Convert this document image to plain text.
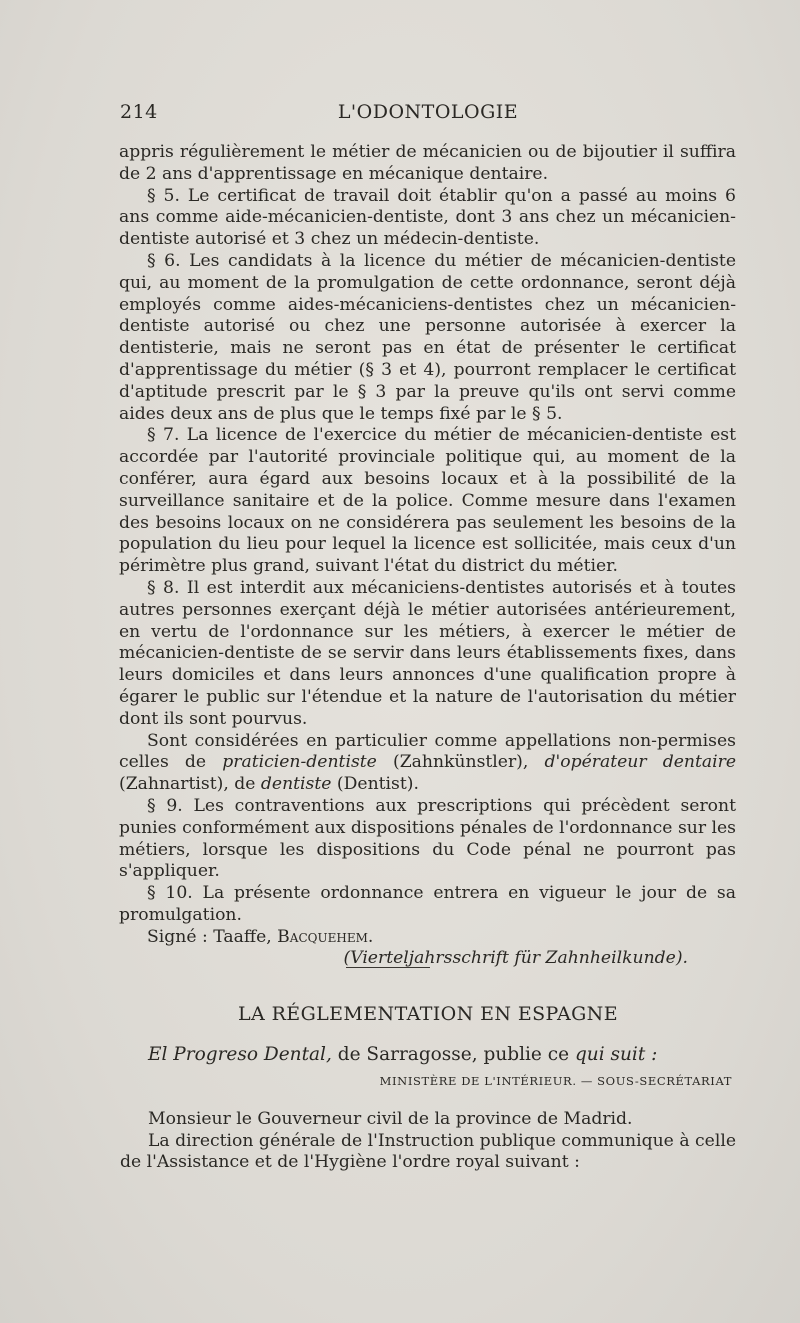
214	L'ODONTOLOGIE

appris régulièrement le métier de mécanicien ou de bijoutier il suffira de 2 ans d'apprentissage en mécanique dentaire.

§ 5. Le certificat de travail doit établir qu'on a passé au moins 6 ans comme aide-mécanicien-dentiste, dont 3 ans chez un mécanicien-dentiste autorisé et 3 chez un médecin-dentiste.

§ 6. Les candidats à la licence du métier de mécanicien-dentiste qui, au moment de la promulgation de cette ordonnance, seront déjà employés comme aides-mécaniciens-dentistes chez un mécanicien-dentiste autorisé ou chez une personne autorisée à exercer la dentisterie, mais ne seront pas en état de présenter le certificat d'apprentissage du métier (§ 3 et 4), pourront remplacer le certificat d'aptitude prescrit par le § 3 par la preuve qu'ils ont servi comme aides deux ans de plus que le temps fixé par le § 5.

§ 7. La licence de l'exercice du métier de mécanicien-dentiste est accordée par l'autorité provinciale politique qui, au moment de la conférer, aura égard aux besoins locaux et à la possibilité de la surveillance sanitaire et de la police. Comme mesure dans l'examen des besoins locaux on ne considérera pas seulement les besoins de la population du lieu pour lequel la licence est sollicitée, mais ceux d'un périmètre plus grand, suivant l'état du district du métier.

§ 8. Il est interdit aux mécaniciens-dentistes autorisés et à toutes autres personnes exerçant déjà le métier autorisées antérieurement, en vertu de l'ordonnance sur les métiers, à exercer le métier de mécanicien-dentiste de se servir dans leurs établissements fixes, dans leurs domiciles et dans leurs annonces d'une qualification propre à égarer le public sur l'étendue et la nature de l'autorisation du métier dont ils sont pourvus.

Sont considérées en particulier comme appellations non-permises celles de praticien-dentiste (Zahnkünstler), d'opérateur dentaire (Zahnartist), de dentiste (Dentist).

§ 9. Les contraventions aux prescriptions qui précèdent seront punies conformément aux dispositions pénales de l'ordonnance sur les métiers, lorsque les dispositions du Code pénal ne pourront pas s'appliquer.

§ 10. La présente ordonnance entrera en vigueur le jour de sa promulgation.

Signé : Taaffe, Bacquehem.

(Vierteljahrsschrift für Zahnheilkunde).

LA RÉGLEMENTATION EN ESPAGNE

El Progreso Dental, de Sarragosse, publie ce qui suit :

MINISTÈRE DE L'INTÉRIEUR. — SOUS-SECRÉTARIAT

Monsieur le Gouverneur civil de la province de Madrid.

La direction générale de l'Instruction publique communique à celle de l'Assistance et de l'Hygiène l'ordre royal suivant :
